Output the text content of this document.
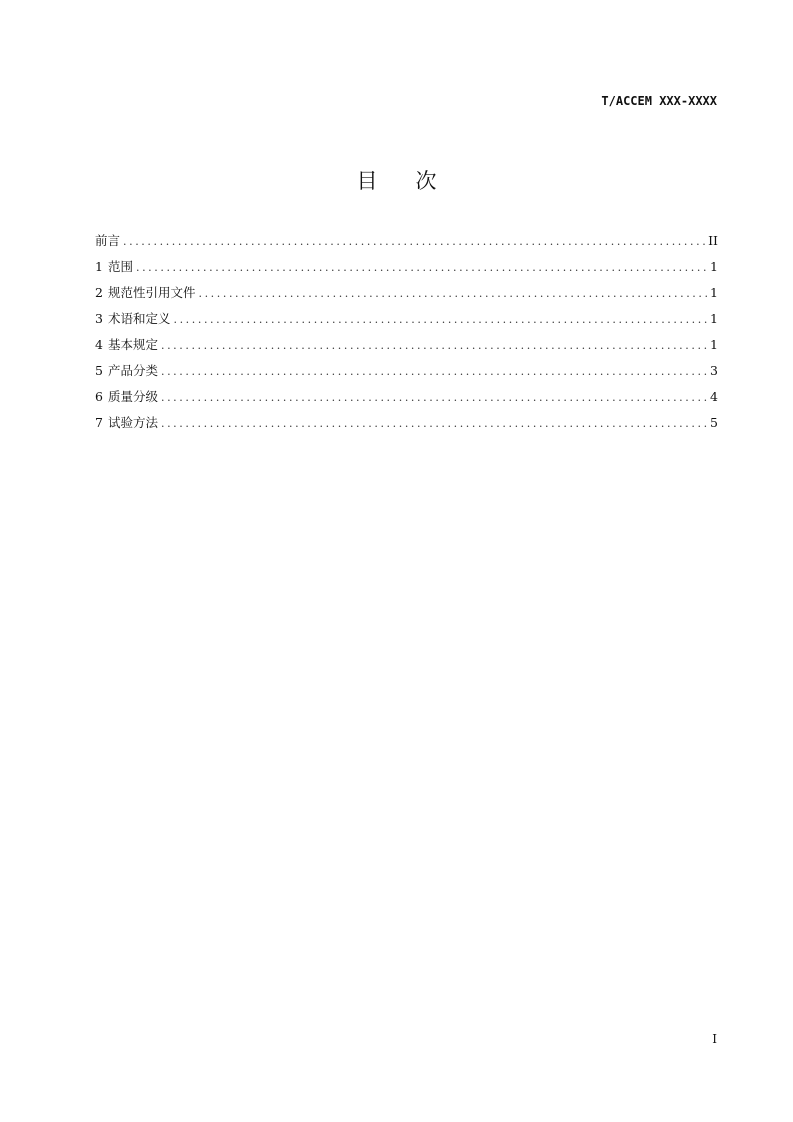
T/ACCEM XXX-XXXX
目次
前言 .....	II
1 范围 .....	1
2 规范性引用文件 .....	1
3 术语和定义 .....	1
4 基本规定 .....	1
5 产品分类 .....	3
6 质量分级 .....	4
7 试验方法 .....	5
I
